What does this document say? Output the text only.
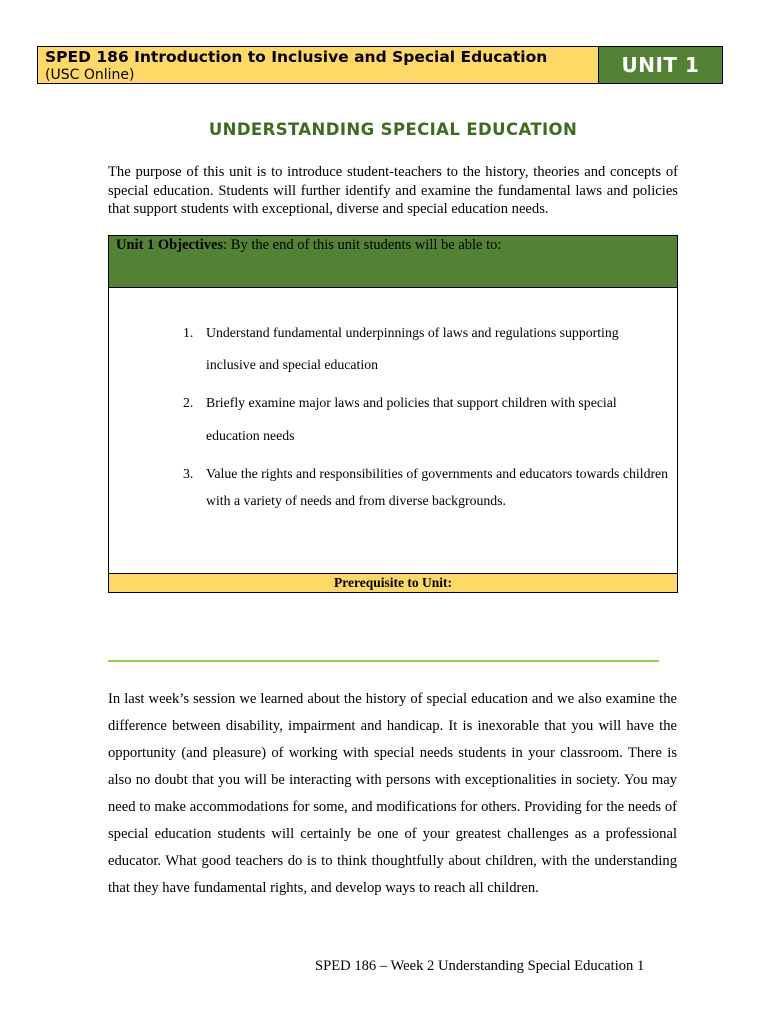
SPED 186 Introduction to Inclusive and Special Education
(USC Online)	UNIT 1
UNDERSTANDING SPECIAL EDUCATION
The purpose of this unit is to introduce student-teachers to the history, theories and concepts of special education. Students will further identify and examine the fundamental laws and policies that support students with exceptional, diverse and special education needs.
Unit 1 Objectives: By the end of this unit students will be able to:
1. Understand fundamental underpinnings of laws and regulations supporting
inclusive and special education
2. Briefly examine major laws and policies that support children with special
education needs
3. Value the rights and responsibilities of governments and educators towards children
with a variety of needs and from diverse backgrounds.
Prerequisite to Unit:
In last week’s session we learned about the history of special education and we also examine the difference between disability, impairment and handicap. It is inexorable that you will have the opportunity (and pleasure) of working with special needs students in your classroom. There is also no doubt that you will be interacting with persons with exceptionalities in society. You may need to make accommodations for some, and modifications for others. Providing for the needs of special education students will certainly be one of your greatest challenges as a professional educator. What good teachers do is to think thoughtfully about children, with the understanding that they have fundamental rights, and develop ways to reach all children.
SPED 186 – Week 2 Understanding Special Education 1
